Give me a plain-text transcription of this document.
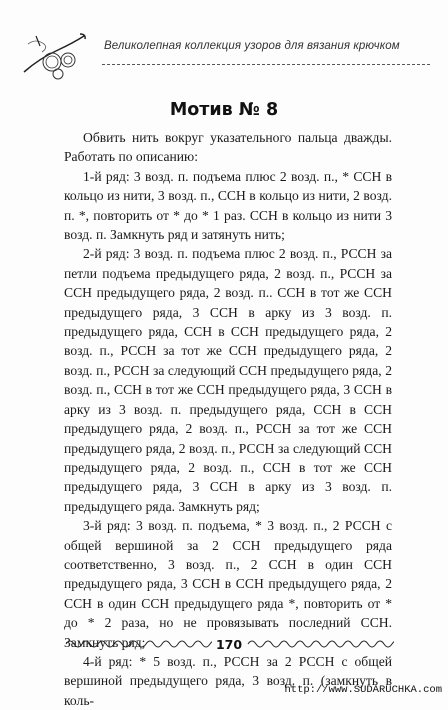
Великолепная коллекция узоров для вязания крючком
Мотив № 8

Обвить нить вокруг указательного пальца дважды. Работать по описанию:

1-й ряд: 3 возд. п. подъема плюс 2 возд. п., * ССН в кольцо из нити, 3 возд. п., ССН в кольцо из нити, 2 возд. п. *, повторить от * до * 1 раз. ССН в кольцо из нити 3 возд. п. Замкнуть ряд и затянуть нить;

2-й ряд: 3 возд. п. подъема плюс 2 возд. п., РССН за петли подъема предыдущего ряда, 2 возд. п., РССН за ССН предыдущего ряда, 2 возд. п.. ССН в тот же ССН предыдущего ряда, 3 ССН в арку из 3 возд. п. предыдущего ряда, ССН в ССН предыдущего ряда, 2 возд. п., РССН за тот же ССН предыдущего ряда, 2 возд. п., РССН за следующий ССН предыдущего ряда, 2 возд. п., ССН в тот же ССН предыдущего ряда, 3 ССН в арку из 3 возд. п. предыдущего ряда, ССН в ССН предыдущего ряда, 2 возд. п., РССН за тот же ССН предыдущего ряда, 2 возд. п., РССН за следующий ССН предыдущего ряда, 2 возд. п., ССН в тот же ССН предыдущего ряда, 3 ССН в арку из 3 возд. п. предыдущего ряда. Замкнуть ряд;

3-й ряд: 3 возд. п. подъема, * 3 возд. п., 2 РССН с общей вершиной за 2 ССН предыдущего ряда соответственно, 3 возд. п., 2 ССН в один ССН предыдущего ряда, 3 ССН в ССН предыдущего ряда, 2 ССН в один ССН предыдущего ряда *, повторить от * до * 2 раза, но не провязывать последний ССН. Замкнуть ряд;

4-й ряд: * 5 возд. п., РССН за 2 РССН с общей вершиной предыдущего ряда, 3 возд. п. (замкнуть в коль-

170
http://www.SUDARUCHKA.com
